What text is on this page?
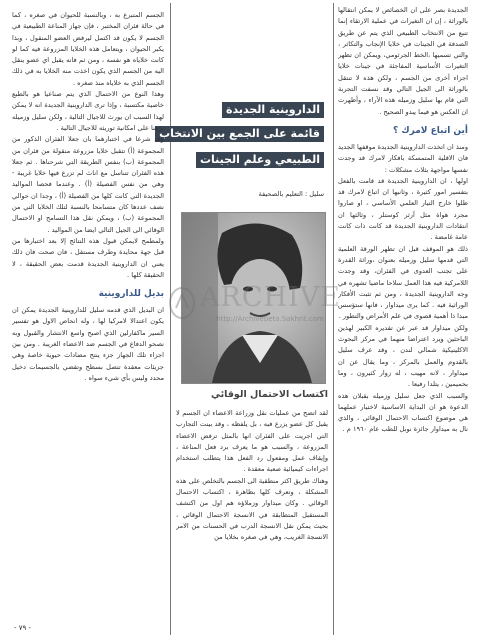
الجديدة بصر على ان الخصائص لا يمكن انتقالها بالوراثة ، إن ان التغيرات في عملية الارتقاء إنما تنبع من الانتخاب الطبيعي الذي يتم عن طريق الصدفة في الجينات في خلايا الإنجاب والتكاثر ، والتي تسميها ،الخط الجرثومي، ويمكن ان تظهر التغيرات الأساسية المفاجئة في جينات خلايا اجزاء أخرى من الجسم ، ولكن هذه لا تنتقل بالوراثة الى الجيل التالي وقد نسفت التجربة التي قام بها سليل وزميله هذه الآراء ، وأظهرت ان العكس هو فيما يبدو الصحيح .

أين اتباع لامرك ؟

ومنذ ان اتخذت الداروينية الجديدة موقفها الجديد فان الاقلية المتمسكة بافكار لامرك قد وجدت نفسها مواجهة بثلاث مشكلات :

اولها ، ان الداروينية الجديدة قد قامت بالفعل بتفسير امور كثيرة ، وثانيها ان اتباع لامرك قد ظلوا خارج التيار العلمي الأساسي ، او صاروا مجرد هواة مثل آرثر كوستلر ، وثالثها ان انتقادات الداروينية الجديدة قد كانت ذات كانت عامة غامضة .

ذلك هو الموقف قبل ان تظهر الورقة العلمية التي قدمها سليل وزميله بعنوان ،وراثة القدرة على تجنب العدوى في الفئران، وقد وجدت اللامركية فيه هذا العمل سلاحا ماضيا تشهره في وجه الداروينية الجديدة ، ومن ثم تثبت الأفكار الوراثية فيه . كما يرى ميداوار ، فانها ستؤسس مبدا ذا أهمية قصوى في علم الأمراض والتطور .

ولكن ميداوار قد عبر عن تقديره الكبير لهذين الباحثين ويرد اعتراضا منهما في مركز البحوث الاكلينيكية شمالي لندن ، وقد عرف سليل بالقدوم والعمل بالمركز ، وما يقال عن ان ميداوار ، لانه مهيب ، له زوار كثيرون ، وما بحميمين ، يتلدا رفيعا .

والسبب الذي جعل سليل وزميله بقبلان هذه الدعوة هو ان البداية الاساسية لاختيار عملهما هي موضوع اكتساب الاحتمال الوقائي ، والذي نال به ميداوار جائزة نوبل للطب عام ١٩٦٠ م .

الداروينية الجديدة
قائمة على الجمع بين الانتخاب
الطبيعي وعلم الجينات
سليل : التعليم بالصحيفة
ARCHIVE
http://Archivebeta.Sakhrit.com
اكتساب الاحتمال الوقائي

لقد اتضح من عمليات نقل وزراعة الاعضاء ان الجسم لا يقبل كل عضو يزرع فيه ، بل يلفظه ، وقد بينت التجارب التي اجريت على الفئران انها بالمثل ترفض الاعضاء المزروعة ، والسبب هو ما يعرف برد فعل المناعة ، وإيقاف عمل ومفعول رد الفعل هذا يتطلب استخدام اجراءات كيميائية صعبة معقدة .

وهناك طريق اكثر منطقية الى الجسم بالتخلص على هذه المشكلة ، وتعرف كلها بظاهرة ، اكتساب الاحتمال الوقائي . وكان ميداوار وزملاؤه هم اول من اكتشف المستقبل المتطابقة في الانسجة الاحتمال الوقائي ، بحيث يمكن نقل الانسجة الدرب في الحسنات من الامر الانسجة الغريب، وهي في صغره بخلايا من

الجسم المتبرع به ، وبالنسبة للحيوان في صغره ، كما في حالة فئران المختبر ، فإن جهاز المناعة الطبيعية في الجسم لا يكون قد اكتمل ليرفض العضو المنقول ، وبذا يكبر الحيوان ، ويتعامل هذه الخلايا المزروعة فيه كما لو كانت خلاياه هو نفسه ، ومن ثم فانه يقبل اي عضو ينقل اليه من الجسم الذي يكون اخذت منه الخلايا به في ذلك الجسم الذي به خلاياه منذ صغره .

وهذا النوع من الاحتمال الذي يتم صناعيا هو بالطبع خاصية مكتسبة ، وإذا ترى الداروينية الجديدة انه لا يمكن لهذا السبب ان يورث للاجيال التالية ، ولكن سليل وزميله برهنا على امكانية توريثه للاجيال التالية .

وقد شرعا في اختبارهما بان جعلا الفئران الذكور من المجموعة (أ) تتقبل خلايا مزروعة منقولة من فئران من المجموعة (ب) بنفس الطريقة التي شرحناها . ثم جعلا هذه الفئران تتناسل مع اناث لم تزرع فيها خلايا غريبة - وهي من نفس الفصيلة (أ) . وعندما فحصا المواليد الجديدة التي كانت كلها من الفصيلة (أ) ، وجدا ان حوالي نصف عددها كان متسامحا بالنسبة لتلك الخلايا التي من المجموعة (ب) ، ويمكن نقل هذا التسامح او الاحتمال الوقائي الى الجيل التالي ايضا من المواليد .

ولمطمح لايمكن قبول هذه النتائج إلا بعد اختبارها من قبل جهة محايدة وطرف مستقل ، فان صحت فان ذلك يعني ان الداروينية الجديدة قدمت بعض الحقيقة ، لا الحقيقة كلها .

بديل للداروينية

ان البديل الذي قدمه سليل للداروينية الجديدة يمكن ان يكون اعتدالا لامركيا لها ، وله انحاص الاول هو تفسير السير ماكفارلين الذي اصبح واسع الانتشار والقبول وبه نصحو الدفاع في الجسم ضد الاعضاء الغريبة . ومن بين اجزاء تلك الجهاز جزء ينتج مضادات حيوية خاصة وهي جزيئات معقدة تتصل بسطح وتقضي بالجسيمات دخيل محدد وليس بأي شيء سواه .

- ٧٩ -
